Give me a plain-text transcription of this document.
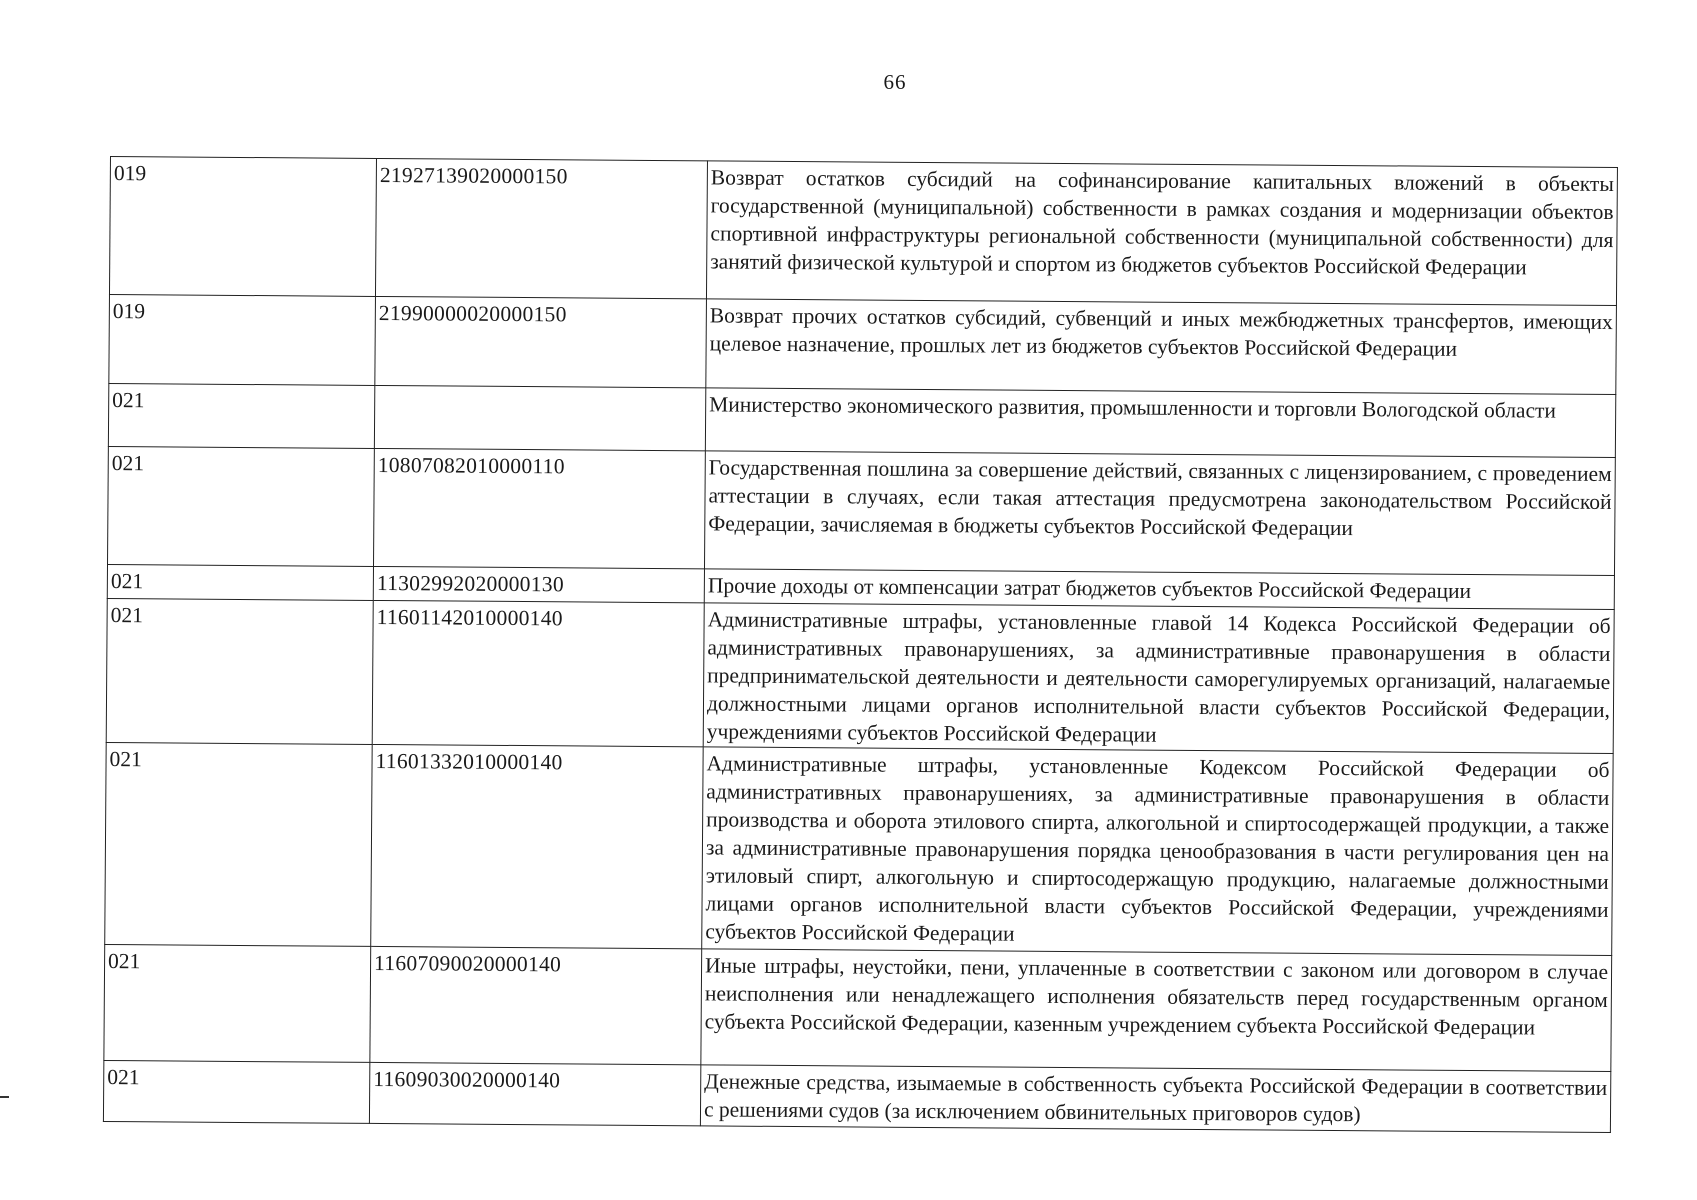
66
019	21927139020000150	Возврат остатков субсидий на софинансирование капитальных вложений в объекты государственной (муниципальной) собственности в рамках создания и модернизации объектов спортивной инфраструктуры региональной собственности (муниципальной собственности) для занятий физической культурой и спортом из бюджетов субъектов Российской Федерации
019	21990000020000150	Возврат прочих остатков субсидий, субвенций и иных межбюджетных трансфертов, имеющих целевое назначение, прошлых лет из бюджетов субъектов Российской Федерации
021		Министерство экономического развития, промышленности и торговли Вологодской области
021	10807082010000110	Государственная пошлина за совершение действий, связанных с лицензированием, с проведением аттестации в случаях, если такая аттестация предусмотрена законодательством Российской Федерации, зачисляемая в бюджеты субъектов Российской Федерации
021	11302992020000130	Прочие доходы от компенсации затрат бюджетов субъектов Российской Федерации
021	11601142010000140	Административные штрафы, установленные главой 14 Кодекса Российской Федерации об административных правонарушениях, за административные правонарушения в области предпринимательской деятельности и деятельности саморегулируемых организаций, налагаемые должностными лицами органов исполнительной власти субъектов Российской Федерации, учреждениями субъектов Российской Федерации
021	11601332010000140	Административные штрафы, установленные Кодексом Российской Федерации об административных правонарушениях, за административные правонарушения в области производства и оборота этилового спирта, алкогольной и спиртосодержащей продукции, а также за административные правонарушения порядка ценообразования в части регулирования цен на этиловый спирт, алкогольную и спиртосодержащую продукцию, налагаемые должностными лицами органов исполнительной власти субъектов Российской Федерации, учреждениями субъектов Российской Федерации
021	11607090020000140	Иные штрафы, неустойки, пени, уплаченные в соответствии с законом или договором в случае неисполнения или ненадлежащего исполнения обязательств перед государственным органом субъекта Российской Федерации, казенным учреждением субъекта Российской Федерации
021	11609030020000140	Денежные средства, изымаемые в собственность субъекта Российской Федерации в соответствии с решениями судов (за исключением обвинительных приговоров судов)
